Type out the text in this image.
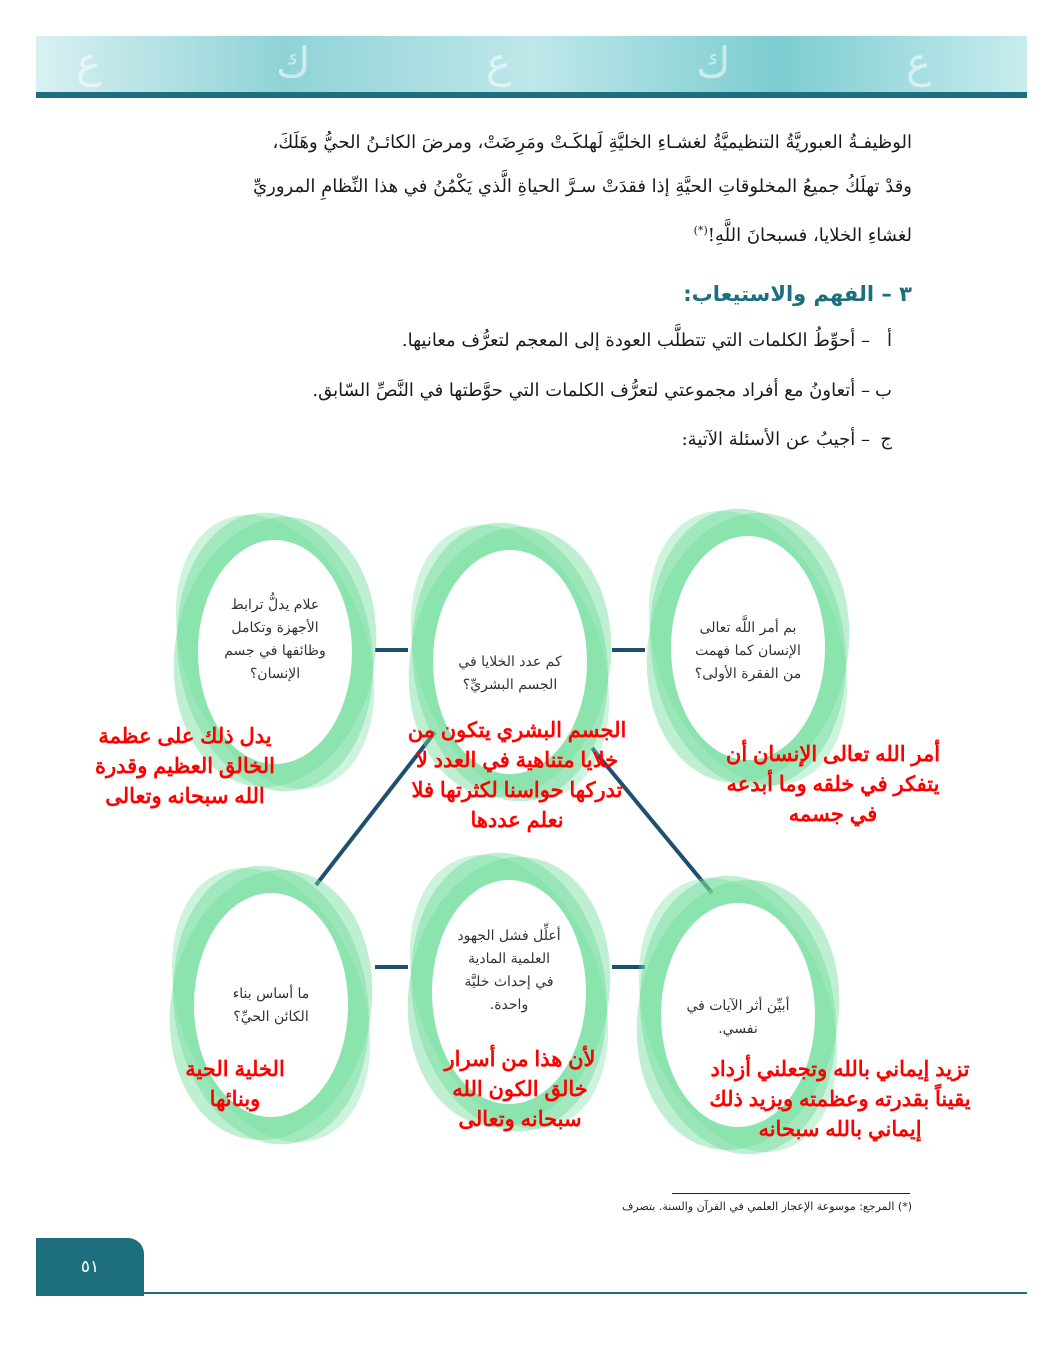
ﻉ	ﻙ	ﻉ	ﻙ	ﻉ
الوظيفـةُ العبوريَّةُ التنظيميَّةُ لغشـاءِ الخليَّةِ لَهلكَـتْ ومَرِضَتْ، ومرضَ الكائـنُ الحيُّ وهَلَكَ،
وقدْ تهلَكُ جميعُ المخلوقاتِ الحيَّةِ إذا فقدَتْ سـرَّ الحياةِ الَّذي يَكْمُنُ في هذا النِّظامِ المروريِّ
لغشاءِ الخلايا، فسبحانَ اللَّهِ!(*)
٣ – الفهم والاستيعاب:
أ– أحوِّطُ الكلمات التي تتطلَّب العودة إلى المعجم لتعرُّف معانيها.
ب– أتعاونُ مع أفراد مجموعتي لتعرُّف الكلمات التي حوَّطتها في النَّصِّ السّابق.
ج– أجيبُ عن الأسئلة الآتية:
علام يدلُّ ترابط
الأجهزة وتكامل
وظائفها في جسم
الإنسان؟
كم عدد الخلايا في
الجسم البشريِّ؟
بم أمر اللَّه تعالى
الإنسان كما فهمت
من الفقرة الأولى؟
ما أساس بناء
الكائن الحيِّ؟
أعلِّل فشل الجهود
العلمية المادية
في إحداث خليَّة
واحدة.	أبيِّن أثر الآيات في
نفسي.
يدل ذلك على عظمة
الخالق العظيم وقدرة
الله سبحانه وتعالى
الجسم البشري يتكون من
خلايا متناهية في العدد لا
تدركها حواسنا لكثرتها فلا
نعلم عددها
أمر الله تعالى الإنسان أن
يتفكر في خلقه وما أبدعه
في جسمه
الخلية الحية
وبنائها
لأن هذا من أسرار
خالق الكون الله
سبحانه وتعالى
تزيد إيماني بالله وتجعلني أزداد
يقيناً بقدرته وعظمته ويزيد ذلك
إيماني بالله سبحانه
(*) المرجع: موسوعة الإعجاز العلمي في القرآن والسنة. بتصرف
٥١
